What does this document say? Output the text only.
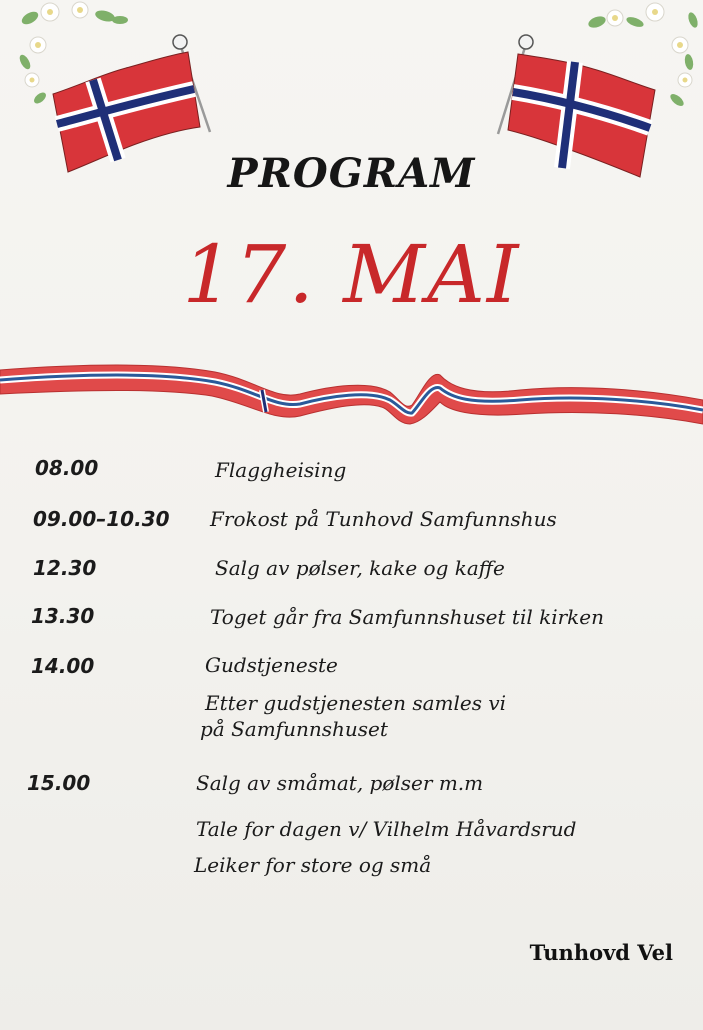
PROGRAM
17. MAI
08.00	Flaggheising
09.00–10.30 Frokost på Tunhovd Samfunnshus
12.30	Salg av pølser, kake og kaffe
13.30	Toget går fra Samfunnshuset til kirken
14.00	Gudstjeneste
Etter gudstjenesten samles vi
på Samfunnshuset
15.00	Salg av småmat, pølser m.m
Tale for dagen v/ Vilhelm Håvardsrud
Leiker for store og små
Tunhovd Vel
